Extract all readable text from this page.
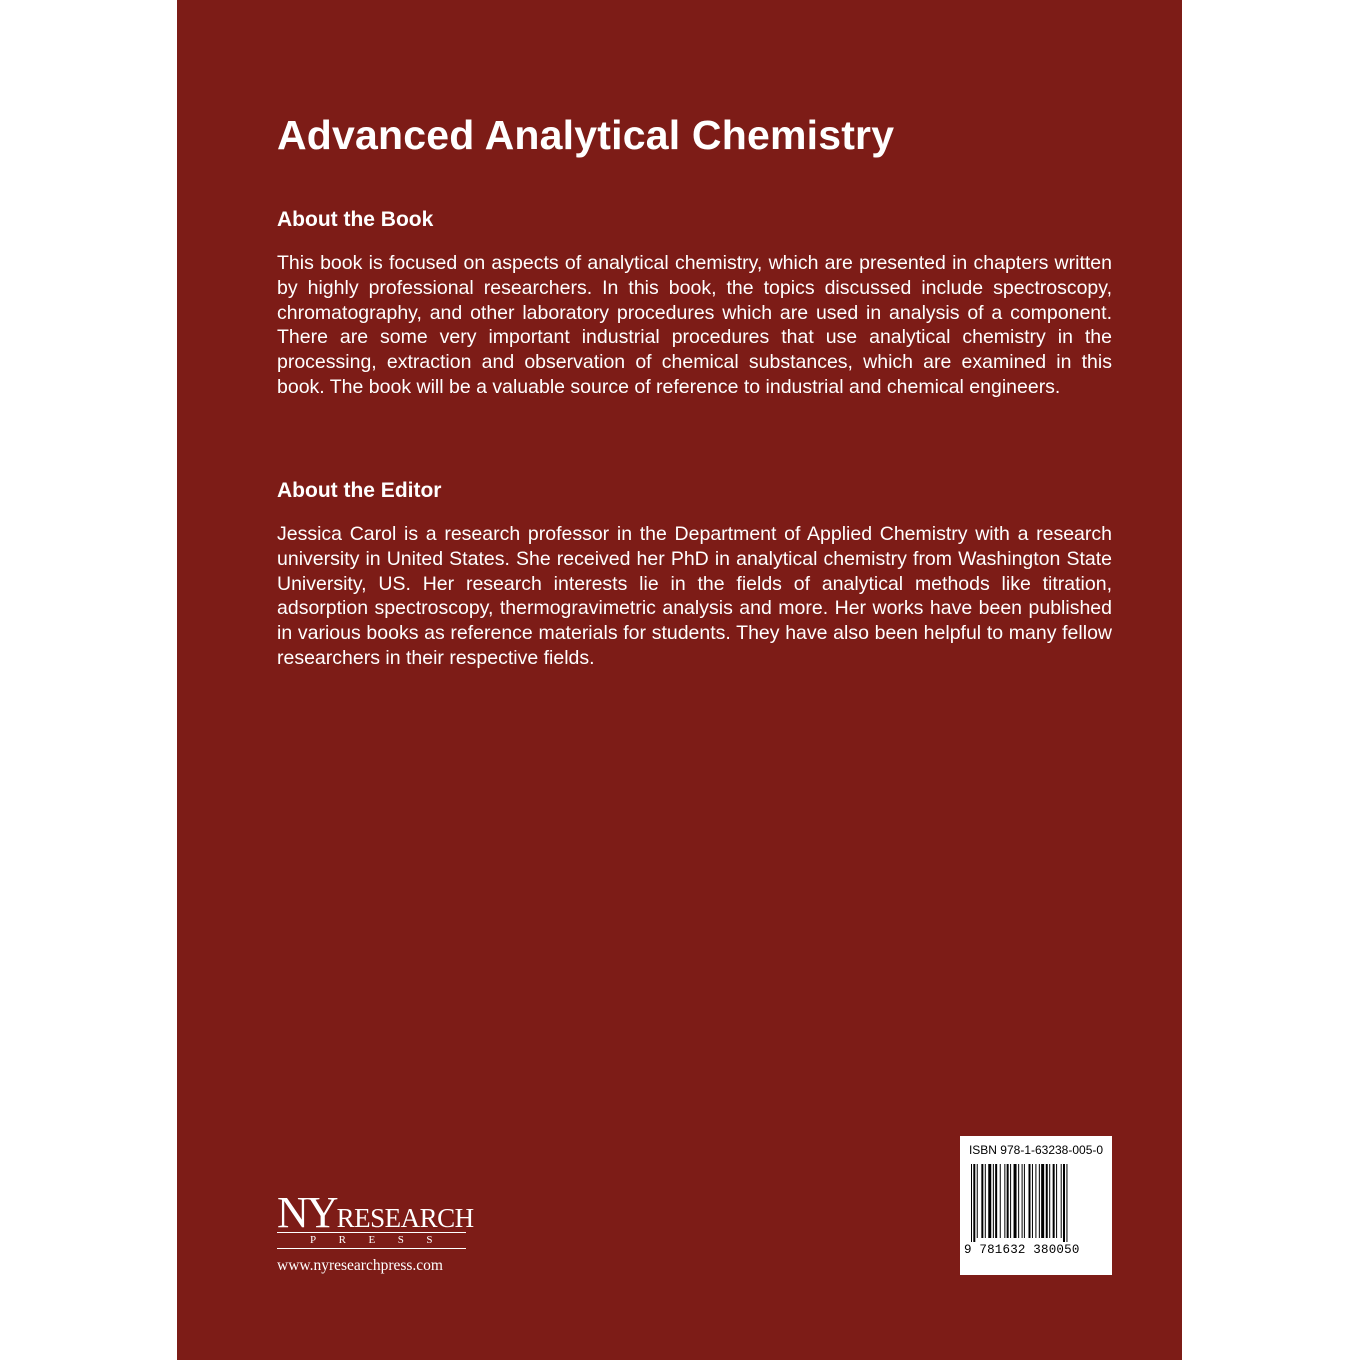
Advanced Analytical Chemistry
About the Book

This book is focused on aspects of analytical chemistry, which are presented in chapters written by highly professional researchers. In this book, the topics discussed include spectroscopy, chromatography, and other laboratory procedures which are used in analysis of a component. There are some very important industrial procedures that use analytical chemistry in the processing, extraction and observation of chemical substances, which are examined in this book. The book will be a valuable source of reference to industrial and chemical engineers.

About the Editor

Jessica Carol is a research professor in the Department of Applied Chemistry with a research university in United States. She received her PhD in analytical chemistry from Washington State University, US. Her research interests lie in the fields of analytical methods like titration, adsorption spectroscopy, thermogravimetric analysis and more. Her works have been published in various books as reference materials for students. They have also been helpful to many fellow researchers in their respective fields.

NYRESEARCH
PRESS
www.nyresearchpress.com
ISBN 978-1-63238-005-0
9 781632 380050
